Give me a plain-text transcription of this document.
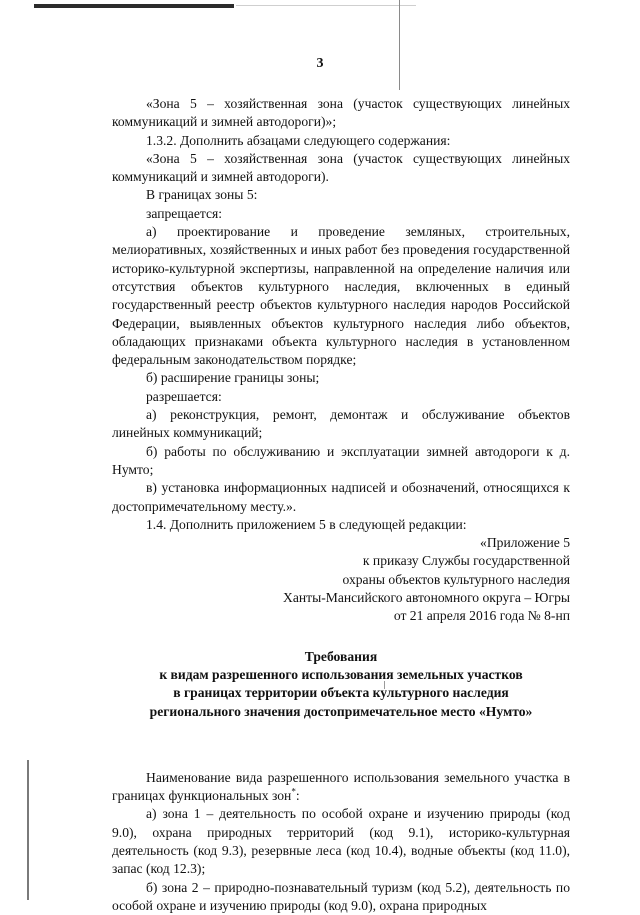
3

«Зона 5 – хозяйственная зона (участок существующих линейных коммуникаций и зимней автодороги)»;

1.3.2. Дополнить абзацами следующего содержания:

«Зона 5 – хозяйственная зона (участок существующих линейных коммуникаций и зимней автодороги).

В границах зоны 5:

запрещается:

а) проектирование и проведение земляных, строительных, мелиоративных, хозяйственных и иных работ без проведения государственной историко-культурной экспертизы, направленной на определение наличия или отсутствия объектов культурного наследия, включенных в единый государственный реестр объектов культурного наследия народов Российской Федерации, выявленных объектов культурного наследия либо объектов, обладающих признаками объекта культурного наследия в установленном федеральным законодательством порядке;

б) расширение границы зоны;

разрешается:

а) реконструкция, ремонт, демонтаж и обслуживание объектов линейных коммуникаций;

б) работы по обслуживанию и эксплуатации зимней автодороги к д. Нумто;

в) установка информационных надписей и обозначений, относящихся к достопримечательному месту.».

1.4. Дополнить приложением 5 в следующей редакции:

«Приложение 5

к приказу Службы государственной

охраны объектов культурного наследия

Ханты-Мансийского автономного округа – Югры

от 21 апреля 2016 года № 8-нп

Требования

к видам разрешенного использования земельных участков

в границах территории объекта культурного наследия

регионального значения достопримечательное место «Нумто»

Наименование вида разрешенного использования земельного участка в границах функциональных зон*:

а) зона 1 – деятельность по особой охране и изучению природы (код 9.0), охрана природных территорий (код 9.1), историко-культурная деятельность (код 9.3), резервные леса (код 10.4), водные объекты (код 11.0), запас (код 12.3);

б) зона 2 – природно-познавательный туризм (код 5.2), деятельность по особой охране и изучению природы (код 9.0), охрана природных
